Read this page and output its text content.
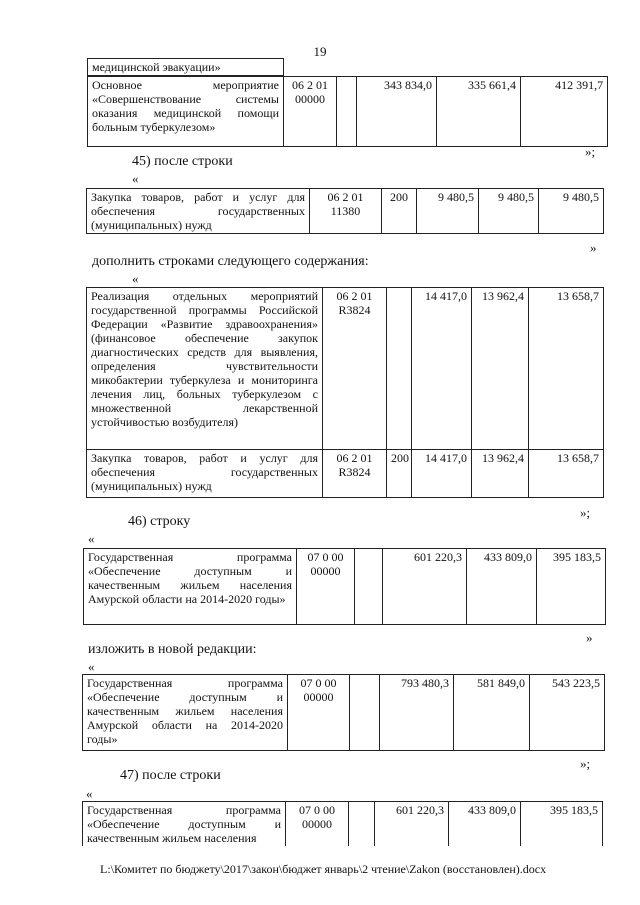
19
медицинской эвакуации»					
Основное мероприятие «Совершенствование системы оказания медицинской помощи больным туберкулезом»	06 2 01 00000		343 834,0	335 661,4	412 391,7
»;
45) после строки
«
Закупка товаров, работ и услуг для обеспечения государственных (муниципальных) нужд	06 2 01 11380	200	9 480,5	9 480,5	9 480,5
»
дополнить строками следующего содержания:
«
Реализация отдельных мероприятий государственной программы Российской Федерации «Развитие здравоохранения» (финансовое обеспечение закупок диагностических средств для выявления, определения чувствительности микобактерии туберкулеза и мониторинга лечения лиц, больных туберкулезом с множественной лекарственной устойчивостью возбудителя)	06 2 01 R3824		14 417,0	13 962,4	13 658,7
Закупка товаров, работ и услуг для обеспечения государственных (муниципальных) нужд	06 2 01 R3824	200	14 417,0	13 962,4	13 658,7
»;
46) строку
«
Государственная программа «Обеспечение доступным и качественным жильем населения Амурской области на 2014-2020 годы»	07 0 00 00000		601 220,3	433 809,0	395 183,5
»
изложить в новой редакции:
«
Государственная программа «Обеспечение доступным и качественным жильем населения Амурской области на 2014-2020 годы»	07 0 00 00000		793 480,3	581 849,0	543 223,5
»;
47) после строки
«
Государственная программа «Обеспечение доступным и качественным жильем населения	07 0 00 00000		601 220,3	433 809,0	395 183,5
L:\Комитет по бюджету\2017\закон\бюджет январь\2 чтение\Zakon (восстановлен).docx
